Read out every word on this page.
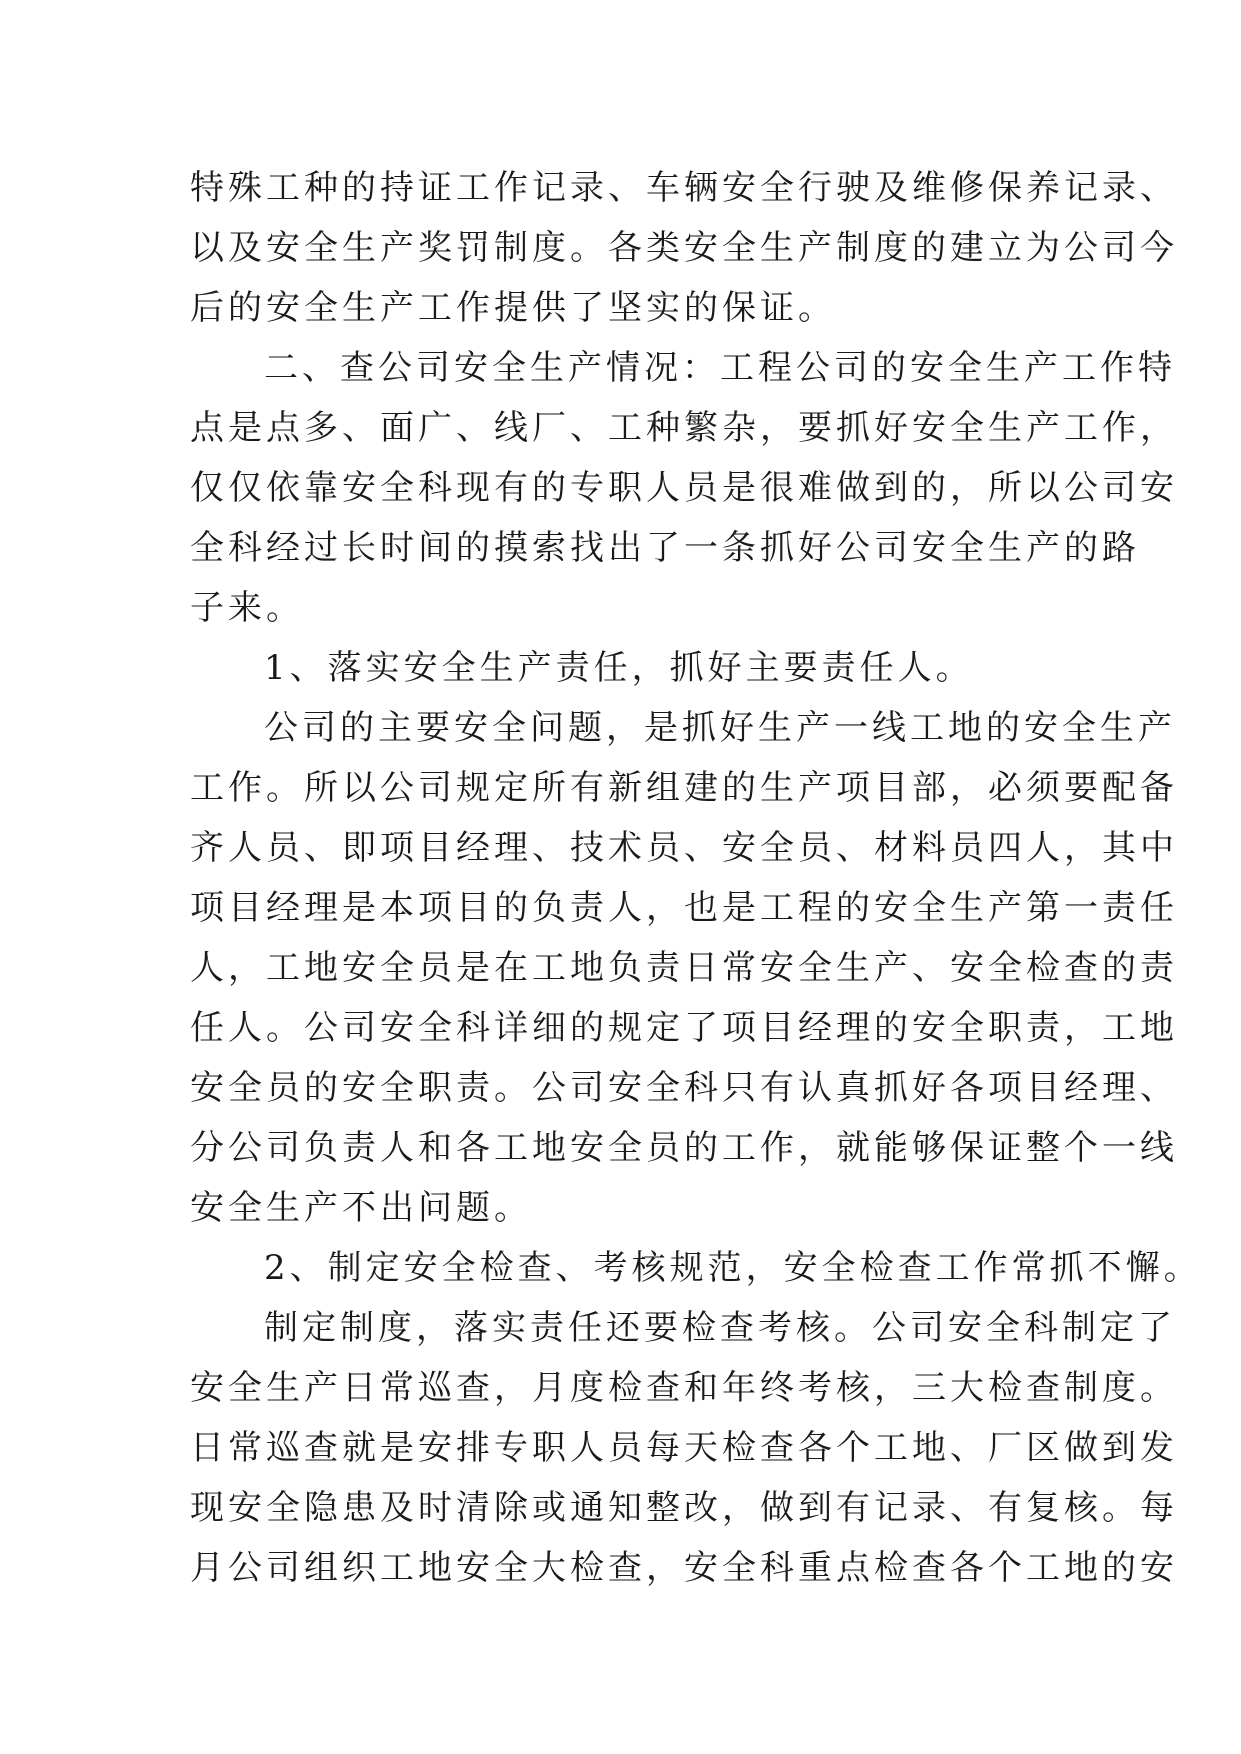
特殊工种的持证工作记录、车辆安全行驶及维修保养记录、
以及安全生产奖罚制度。各类安全生产制度的建立为公司今
后的安全生产工作提供了坚实的保证。
二、查公司安全生产情况：工程公司的安全生产工作特
点是点多、面广、线厂、工种繁杂，要抓好安全生产工作，
仅仅依靠安全科现有的专职人员是很难做到的，所以公司安
全科经过长时间的摸索找出了一条抓好公司安全生产的路
子来。
1、落实安全生产责任，抓好主要责任人。
公司的主要安全问题，是抓好生产一线工地的安全生产
工作。所以公司规定所有新组建的生产项目部，必须要配备
齐人员、即项目经理、技术员、安全员、材料员四人，其中
项目经理是本项目的负责人，也是工程的安全生产第一责任
人，工地安全员是在工地负责日常安全生产、安全检查的责
任人。公司安全科详细的规定了项目经理的安全职责，工地
安全员的安全职责。公司安全科只有认真抓好各项目经理、
分公司负责人和各工地安全员的工作，就能够保证整个一线
安全生产不出问题。
2、制定安全检查、考核规范，安全检查工作常抓不懈。
制定制度，落实责任还要检查考核。公司安全科制定了
安全生产日常巡查，月度检查和年终考核，三大检查制度。
日常巡查就是安排专职人员每天检查各个工地、厂区做到发
现安全隐患及时清除或通知整改，做到有记录、有复核。每
月公司组织工地安全大检查，安全科重点检查各个工地的安
